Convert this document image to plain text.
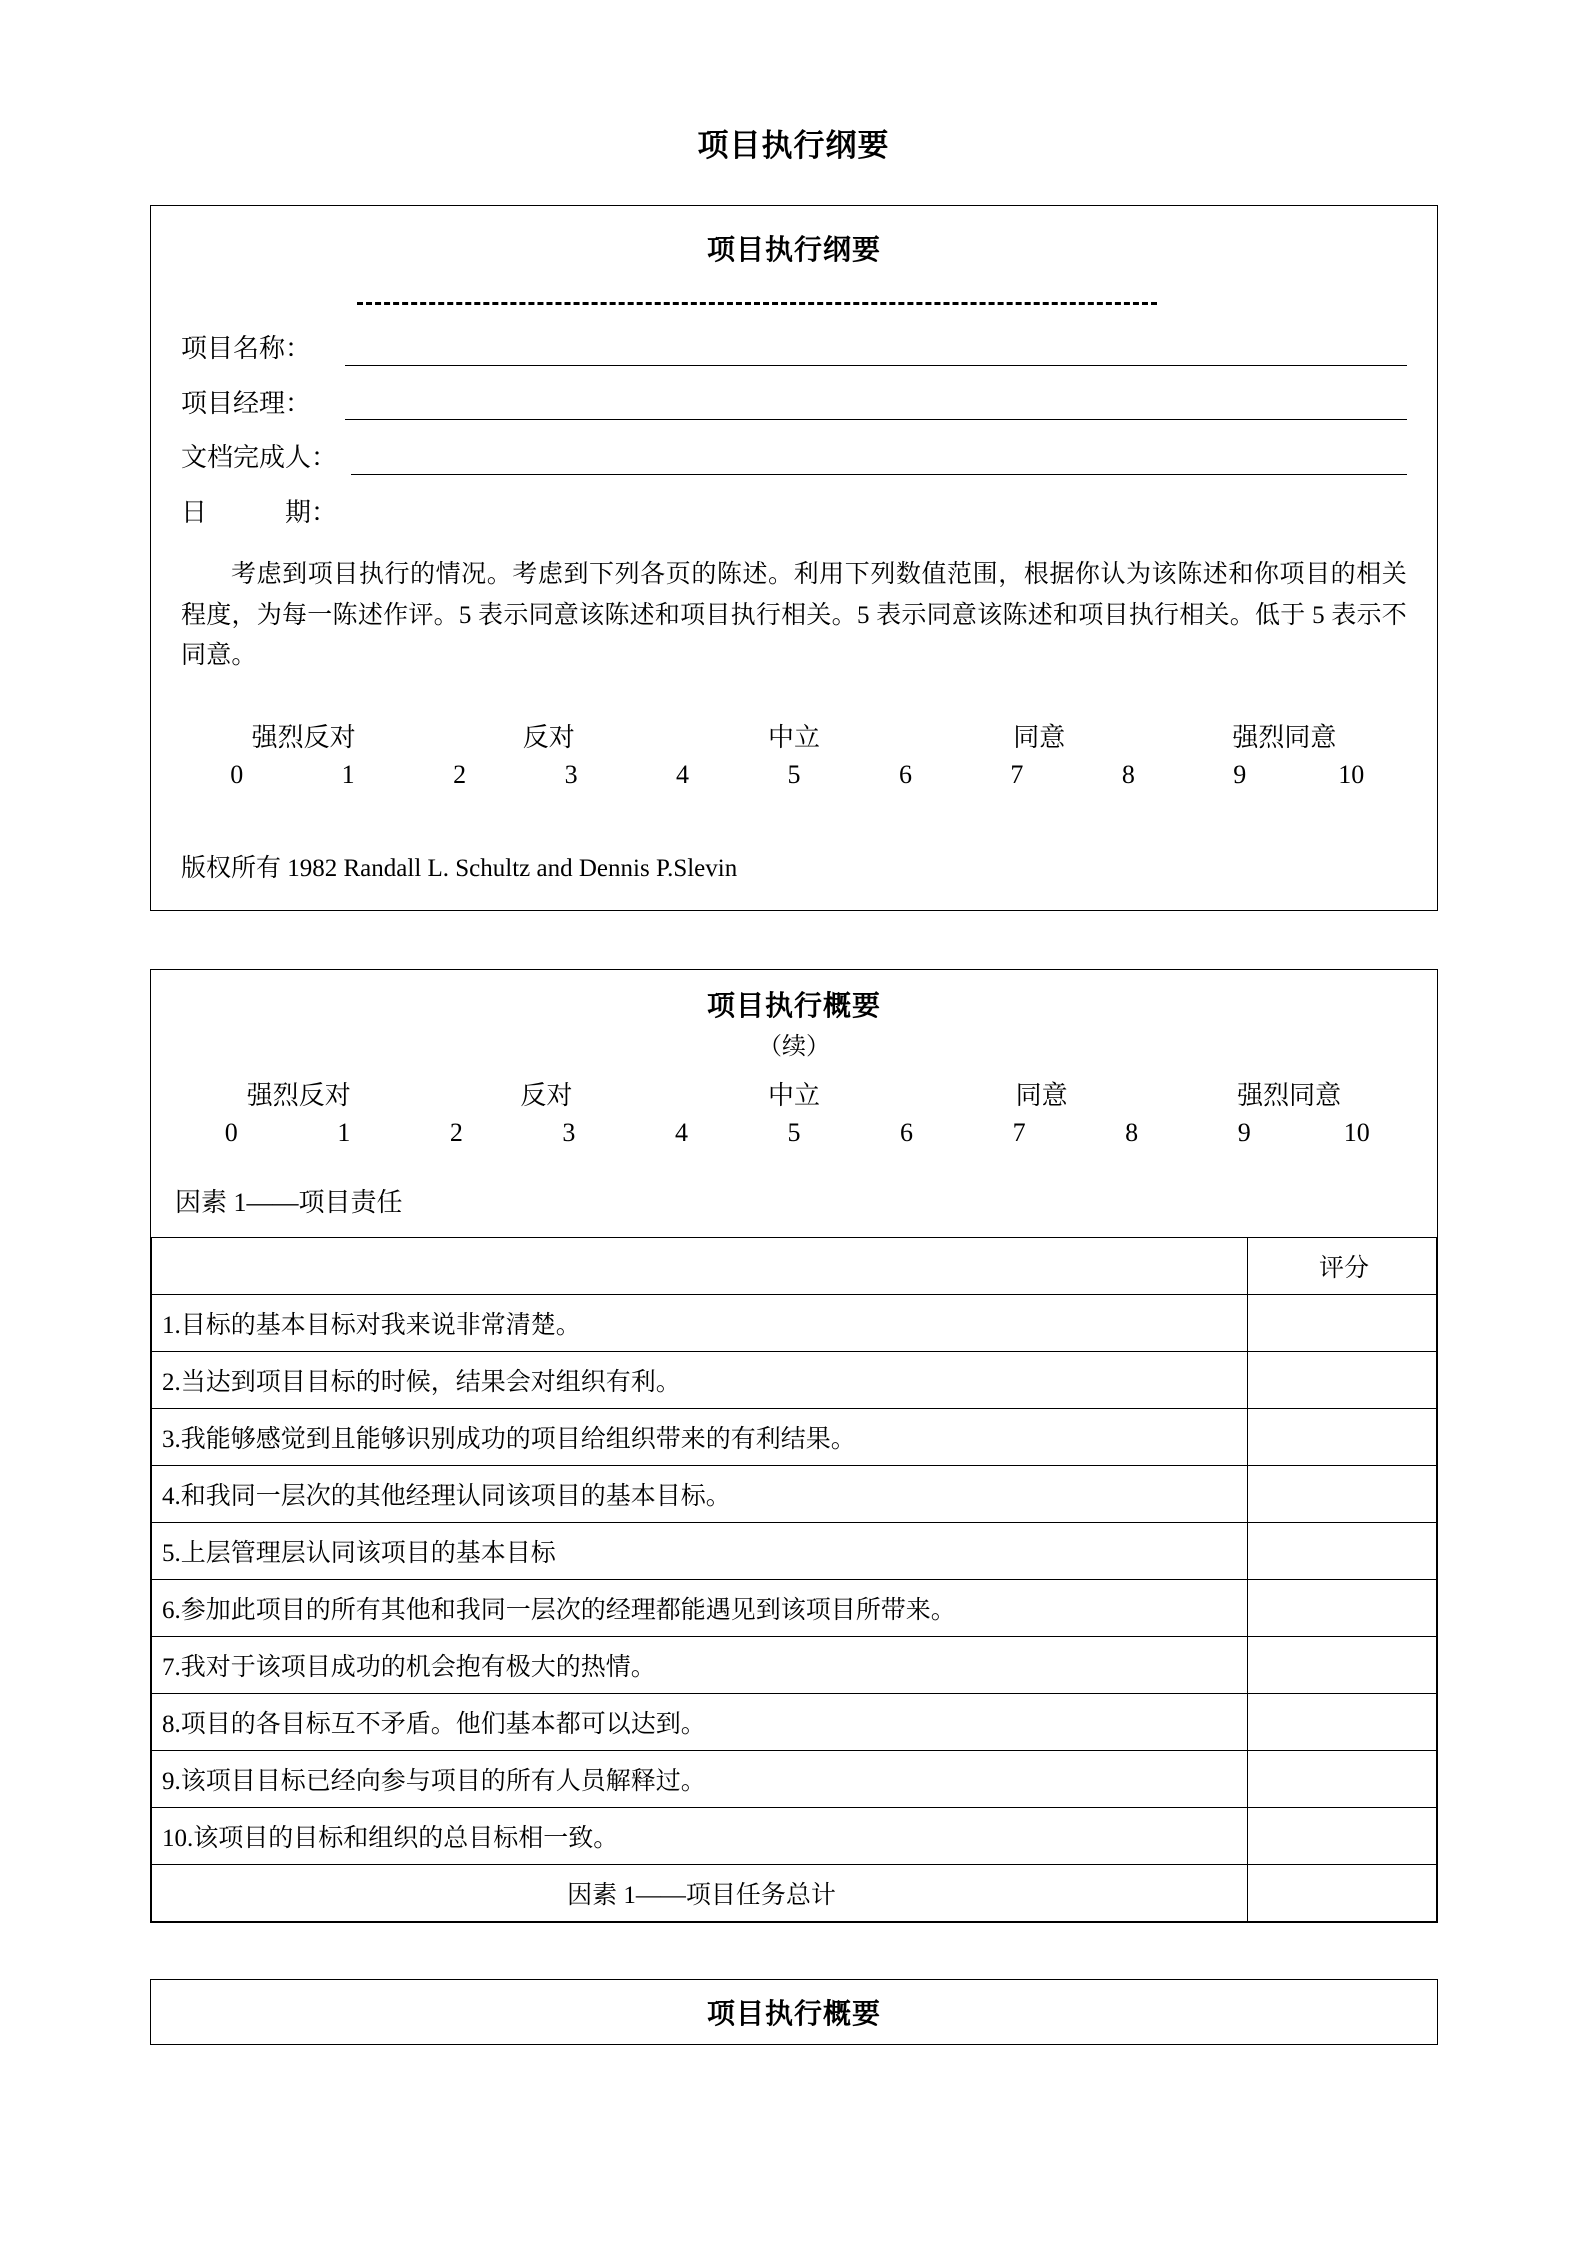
项目执行纲要
项目执行纲要
项目名称：
项目经理：
文档完成人：
日　　　期：

考虑到项目执行的情况。考虑到下列各页的陈述。利用下列数值范围，根据你认为该陈述和你项目的相关程度，为每一陈述作评。5 表示同意该陈述和项目执行相关。5 表示同意该陈述和项目执行相关。低于 5 表示不同意。

强烈反对	反对	中立	同意	强烈同意
0	1	2	3	4	5	6	7	8	9	10
版权所有 1982 Randall L. Schultz and Dennis P.Slevin
项目执行概要
（续）
强烈反对	反对	中立	同意	强烈同意
0	1	2	3	4	5	6	7	8	9	10
因素 1——项目责任
	评分
1.目标的基本目标对我来说非常清楚。	
2.当达到项目目标的时候，结果会对组织有利。	
3.我能够感觉到且能够识别成功的项目给组织带来的有利结果。	
4.和我同一层次的其他经理认同该项目的基本目标。	
5.上层管理层认同该项目的基本目标	
6.参加此项目的所有其他和我同一层次的经理都能遇见到该项目所带来。	
7.我对于该项目成功的机会抱有极大的热情。	
8.项目的各目标互不矛盾。他们基本都可以达到。	
9.该项目目标已经向参与项目的所有人员解释过。	
10.该项目的目标和组织的总目标相一致。	
因素 1——项目任务总计	
项目执行概要
